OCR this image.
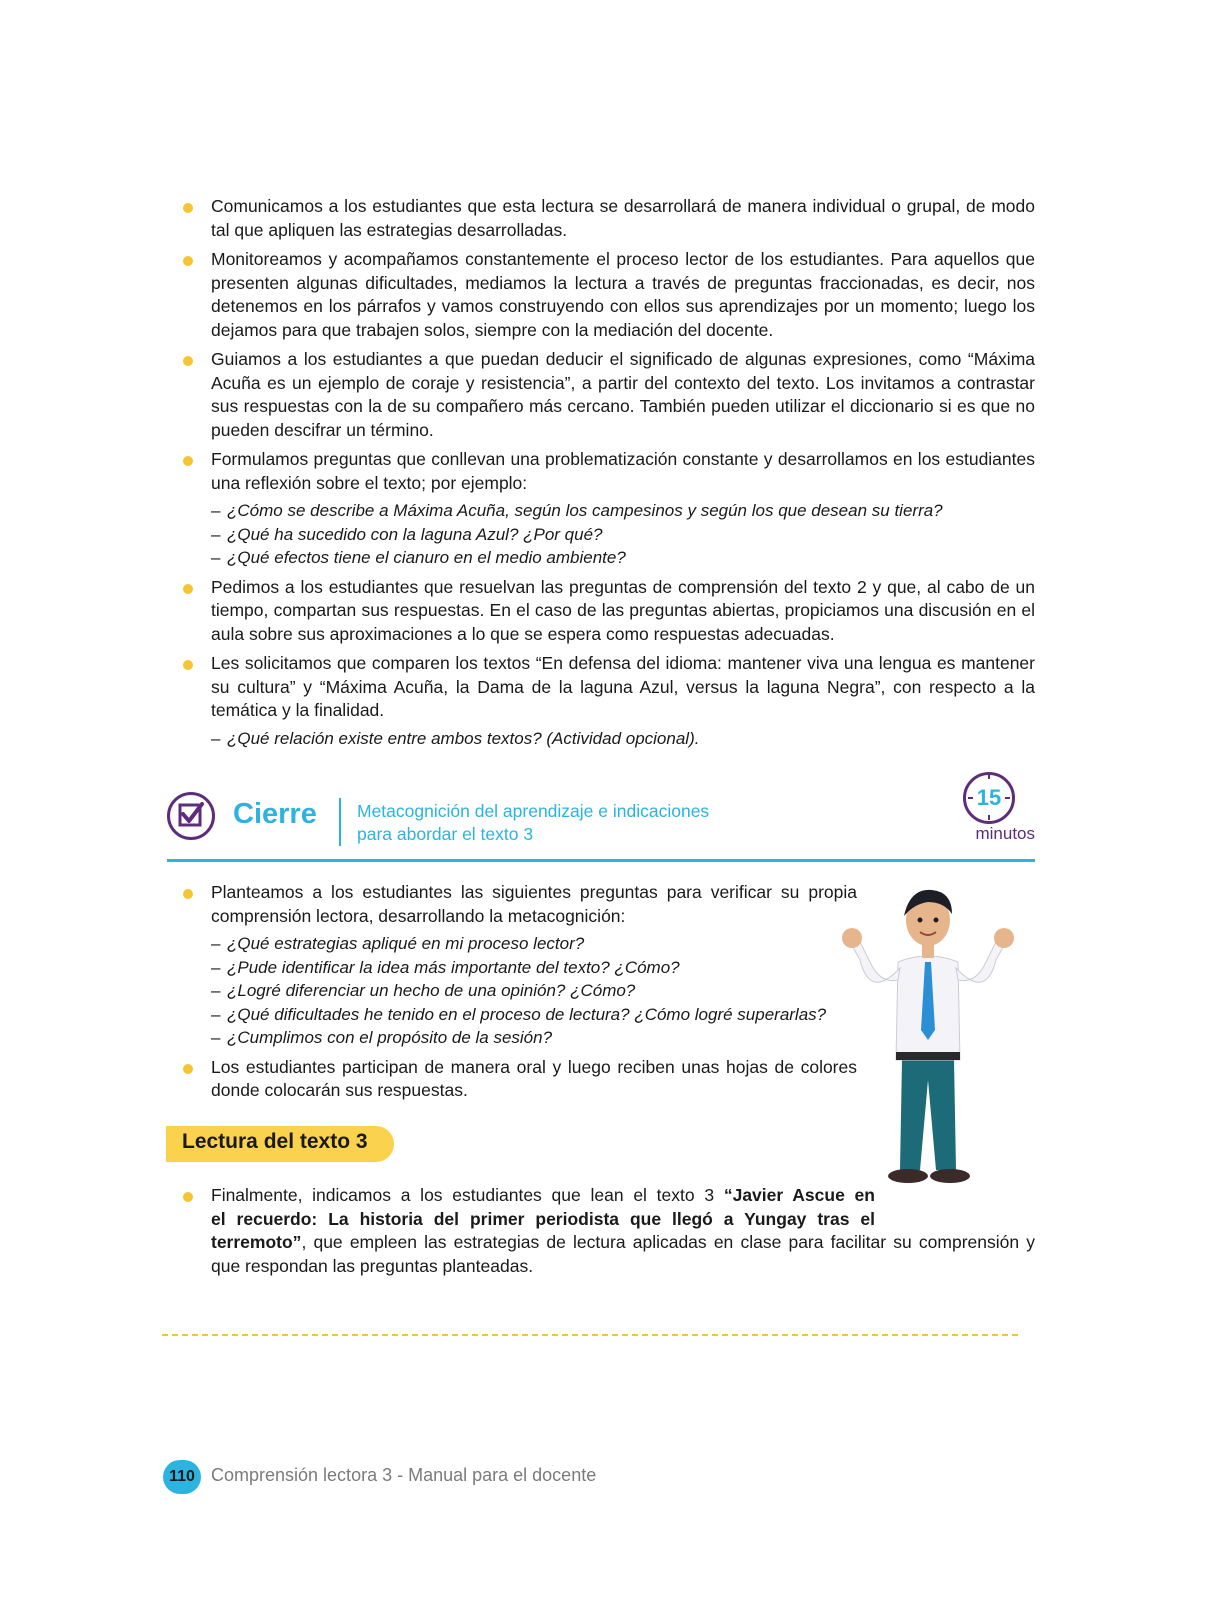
Comunicamos a los estudiantes que esta lectura se desarrollará de manera individual o grupal, de modo tal que apliquen las estrategias desarrolladas.
Monitoreamos y acompañamos constantemente el proceso lector de los estudiantes. Para aquellos que presenten algunas dificultades, mediamos la lectura a través de preguntas fraccionadas, es decir, nos detenemos en los párrafos y vamos construyendo con ellos sus aprendizajes por un momento; luego los dejamos para que trabajen solos, siempre con la mediación del docente.
Guiamos a los estudiantes a que puedan deducir el significado de algunas expresiones, como “Máxima Acuña es un ejemplo de coraje y resistencia”, a partir del contexto del texto. Los invitamos a contrastar sus respuestas con la de su compañero más cercano. También pueden utilizar el diccionario si es que no pueden descifrar un término.
Formulamos preguntas que conllevan una problematización constante y desarrollamos en los estudiantes una reflexión sobre el texto; por ejemplo:
– ¿Cómo se describe a Máxima Acuña, según los campesinos y según los que desean su tierra?
– ¿Qué ha sucedido con la laguna Azul? ¿Por qué?
– ¿Qué efectos tiene el cianuro en el medio ambiente?
Pedimos a los estudiantes que resuelvan las preguntas de comprensión del texto 2 y que, al cabo de un tiempo, compartan sus respuestas. En el caso de las preguntas abiertas, propiciamos una discusión en el aula sobre sus aproximaciones a lo que se espera como respuestas adecuadas.
Les solicitamos que comparen los textos “En defensa del idioma: mantener viva una lengua es mantener su cultura” y “Máxima Acuña, la Dama de la laguna Azul, versus la laguna Negra”, con respecto a la temática y la finalidad.
– ¿Qué relación existe entre ambos textos? (Actividad opcional).
Cierre Metacognición del aprendizaje e indicaciones
para abordar el texto 3
15
minutos
Planteamos a los estudiantes las siguientes preguntas para verificar su propia comprensión lectora, desarrollando la metacognición:
– ¿Qué estrategias apliqué en mi proceso lector?
– ¿Pude identificar la idea más importante del texto? ¿Cómo?
– ¿Logré diferenciar un hecho de una opinión? ¿Cómo?
– ¿Qué dificultades he tenido en el proceso de lectura? ¿Cómo logré superarlas?
– ¿Cumplimos con el propósito de la sesión?
Los estudiantes participan de manera oral y luego reciben unas hojas de colores donde colocarán sus respuestas.
Lectura del texto 3
Finalmente, indicamos a los estudiantes que lean el texto 3 “Javier Ascue en
el recuerdo: La historia del primer periodista que llegó a Yungay tras el
terremoto”, que empleen las estrategias de lectura aplicadas en clase para facilitar su comprensión y
que respondan las preguntas planteadas.
110 Comprensión lectora 3 - Manual para el docente
